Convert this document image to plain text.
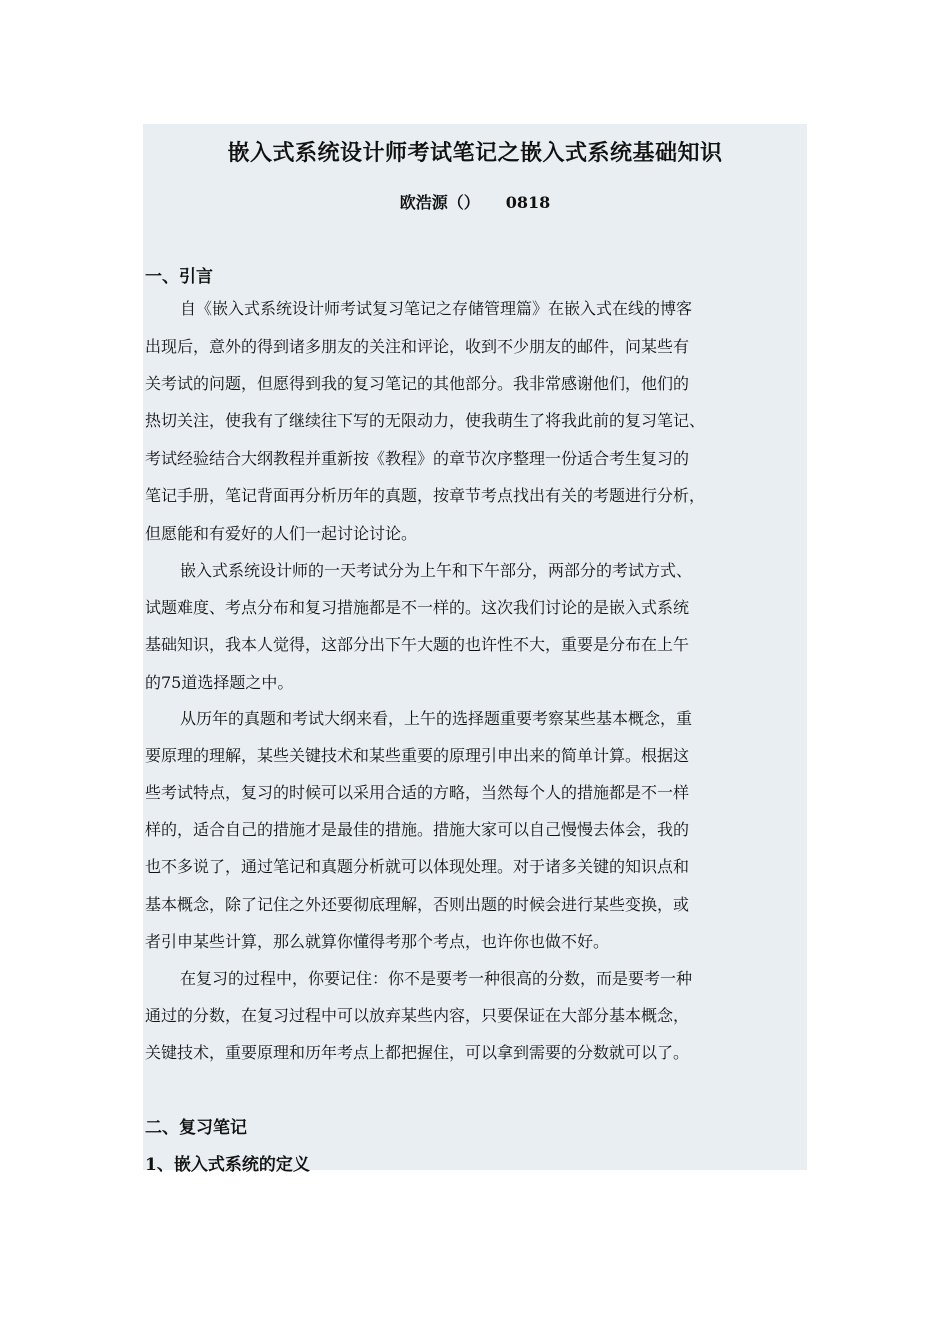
嵌入式系统设计师考试笔记之嵌入式系统基础知识
欧浩源（） 0818
一、引言
自《嵌入式系统设计师考试复习笔记之存储管理篇》在嵌入式在线的博客
出现后，意外的得到诸多朋友的关注和评论，收到不少朋友的邮件，问某些有
关考试的问题，但愿得到我的复习笔记的其他部分。我非常感谢他们，他们的
热切关注，使我有了继续往下写的无限动力，使我萌生了将我此前的复习笔记、
考试经验结合大纲教程并重新按《教程》的章节次序整理一份适合考生复习的
笔记手册，笔记背面再分析历年的真题，按章节考点找出有关的考题进行分析，
但愿能和有爱好的人们一起讨论讨论。
嵌入式系统设计师的一天考试分为上午和下午部分，两部分的考试方式、
试题难度、考点分布和复习措施都是不一样的。这次我们讨论的是嵌入式系统
基础知识，我本人觉得，这部分出下午大题的也许性不大，重要是分布在上午
的75道选择题之中。
从历年的真题和考试大纲来看，上午的选择题重要考察某些基本概念，重
要原理的理解，某些关键技术和某些重要的原理引申出来的简单计算。根据这
些考试特点，复习的时候可以采用合适的方略，当然每个人的措施都是不一样
样的，适合自己的措施才是最佳的措施。措施大家可以自己慢慢去体会，我的
也不多说了，通过笔记和真题分析就可以体现处理。对于诸多关键的知识点和
基本概念，除了记住之外还要彻底理解，否则出题的时候会进行某些变换，或
者引申某些计算，那么就算你懂得考那个考点，也许你也做不好。
在复习的过程中，你要记住：你不是要考一种很高的分数，而是要考一种
通过的分数，在复习过程中可以放弃某些内容，只要保证在大部分基本概念，
关键技术，重要原理和历年考点上都把握住，可以拿到需要的分数就可以了。
二、复习笔记
1、嵌入式系统的定义
